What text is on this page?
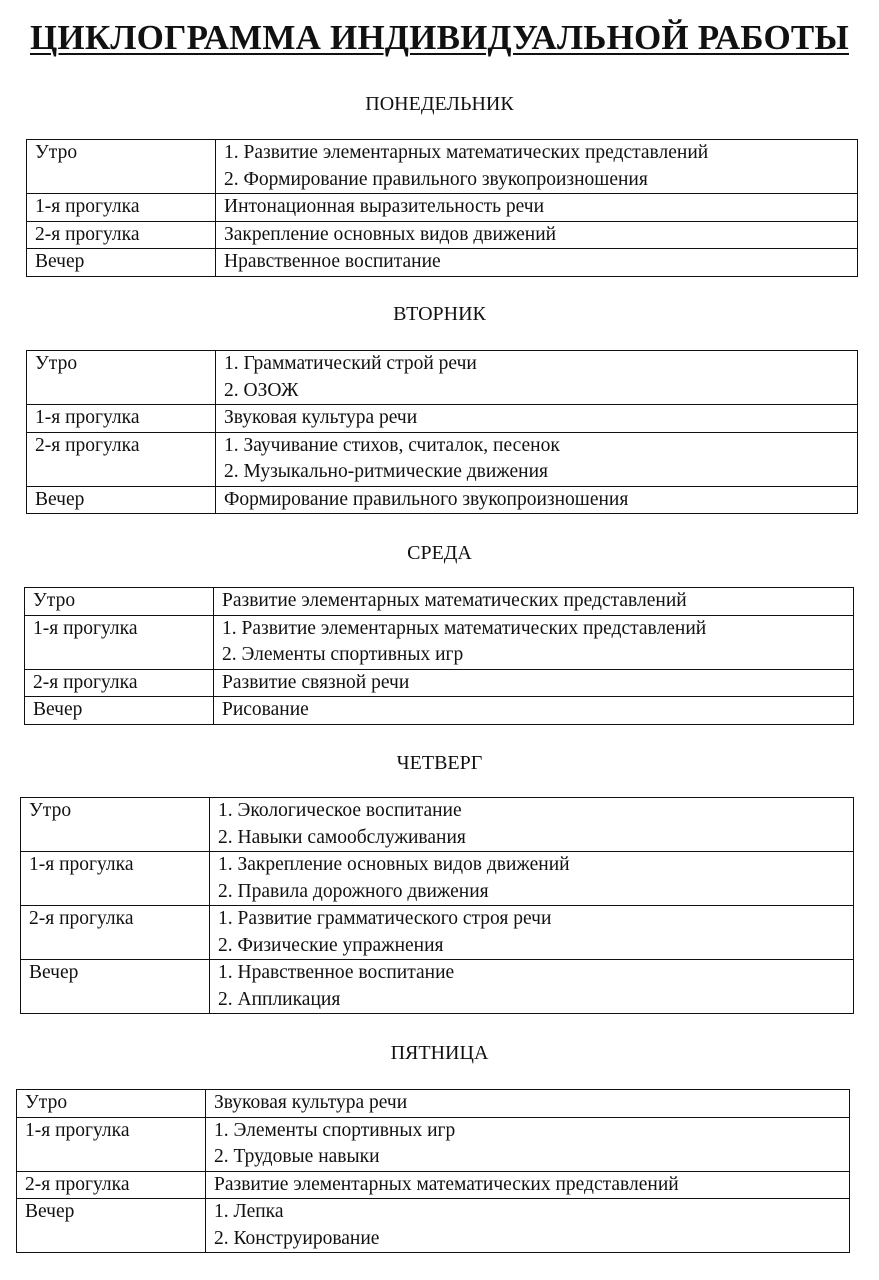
ЦИКЛОГРАММА ИНДИВИДУАЛЬНОЙ РАБОТЫ
ПОНЕДЕЛЬНИК
Утро	1. Развитие элементарных математических представлений
2. Формирование правильного звукопроизношения

1-я прогулка	Интонационная выразительность речи

2-я прогулка	Закрепление основных видов движений

Вечер	Нравственное воспитание
ВТОРНИК
Утро	1. Грамматический строй речи
2. ОЗОЖ

1-я прогулка	Звуковая культура речи

2-я прогулка	1. Заучивание стихов, считалок, песенок
2. Музыкально-ритмические движения

Вечер	Формирование правильного звукопроизношения
СРЕДА
Утро	Развитие элементарных математических представлений

1-я прогулка	1. Развитие элементарных математических представлений
2. Элементы спортивных игр

2-я прогулка	Развитие связной речи

Вечер	Рисование
ЧЕТВЕРГ
Утро	1. Экологическое воспитание
2. Навыки самообслуживания

1-я прогулка	1. Закрепление основных видов движений
2. Правила дорожного движения

2-я прогулка	1. Развитие грамматического строя речи
2. Физические упражнения

Вечер	1. Нравственное воспитание
2. Аппликация
ПЯТНИЦА
Утро	Звуковая культура речи

1-я прогулка	1. Элементы спортивных игр
2. Трудовые навыки

2-я прогулка	Развитие элементарных математических представлений

Вечер	1. Лепка
2. Конструирование
